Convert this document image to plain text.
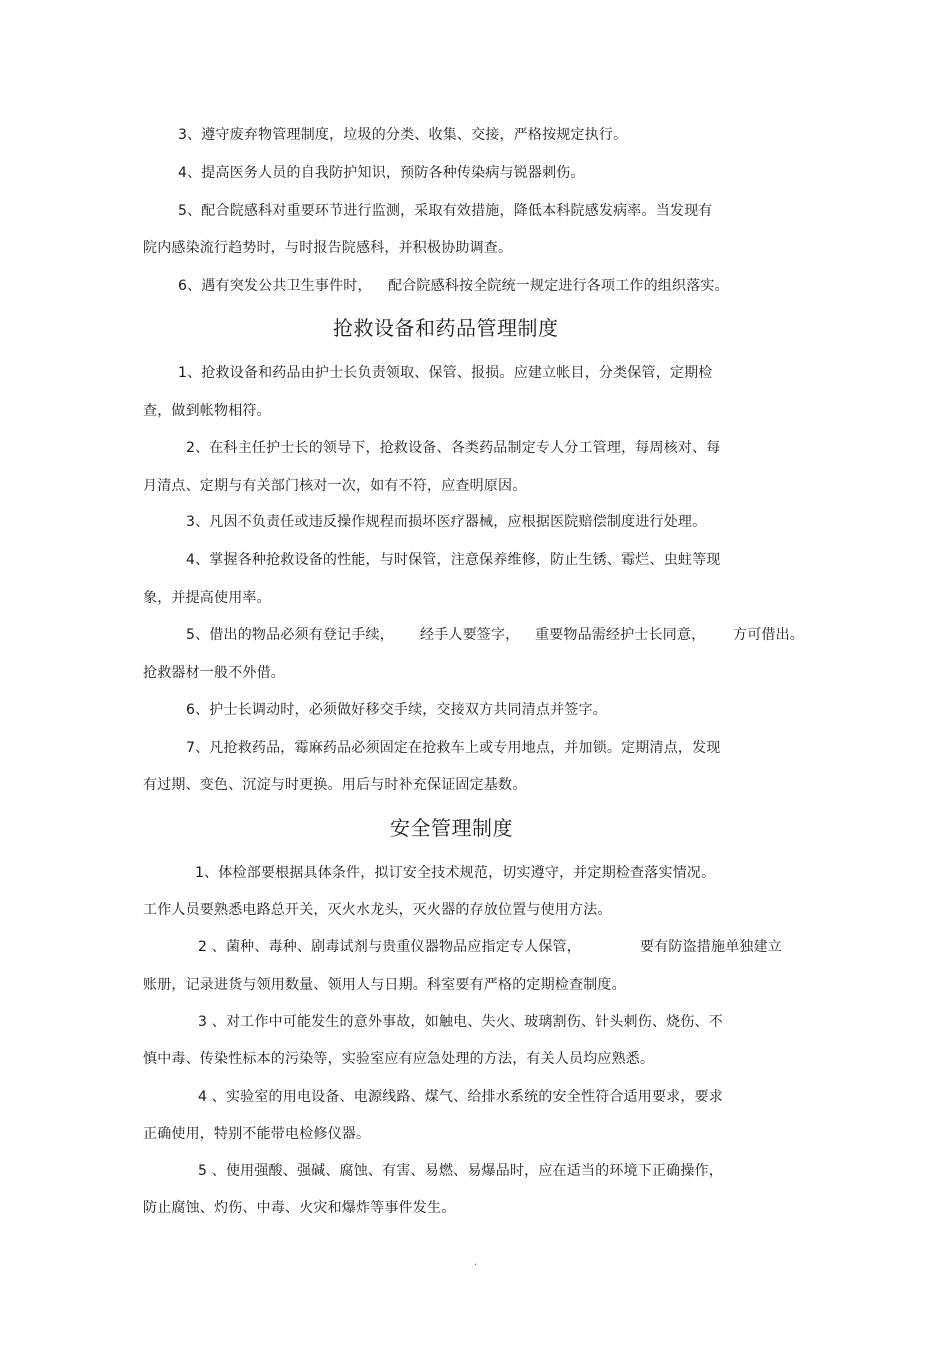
3、遵守废弃物管理制度，垃圾的分类、收集、交接，严格按规定执行。
4、提高医务人员的自我防护知识，预防各种传染病与锐器刺伤。
5、配合院感科对重要环节进行监测，采取有效措施，降低本科院感发病率。当发现有
院内感染流行趋势时，与时报告院感科，并积极协助调查。
6、遇有突发公共卫生事件时， 配合院感科按全院统一规定进行各项工作的组织落实。
抢救设备和药品管理制度
1、抢救设备和药品由护士长负责领取、保管、报损。应建立帐目，分类保管，定期检
查，做到帐物相符。
2、在科主任护士长的领导下，抢救设备、各类药品制定专人分工管理，每周核对、每
月清点、定期与有关部门核对一次，如有不符，应查明原因。
3、凡因不负责任或违反操作规程而损坏医疗器械，应根据医院赔偿制度进行处理。
4、掌握各种抢救设备的性能，与时保管，注意保养维修，防止生锈、霉烂、虫蛀等现
象，并提高使用率。
5、借出的物品必须有登记手续， 经手人要签字， 重要物品需经护士长同意， 方可借出。
抢救器材一般不外借。
6、护士长调动时，必须做好移交手续，交接双方共同清点并签字。
7、凡抢救药品，霉麻药品必须固定在抢救车上或专用地点，并加锁。定期清点，发现
有过期、变色、沉淀与时更换。用后与时补充保证固定基数。
安全管理制度
1、体检部要根据具体条件，拟订安全技术规范，切实遵守，并定期检查落实情况。
工作人员要熟悉电路总开关，灭火水龙头，灭火器的存放位置与使用方法。
2 、菌种、毒种、剧毒试剂与贵重仪器物品应指定专人保管，	要有防盗措施单独建立
账册，记录进货与领用数量、领用人与日期。科室要有严格的定期检查制度。
3 、对工作中可能发生的意外事故，如触电、失火、玻璃割伤、针头刺伤、烧伤、不
慎中毒、传染性标本的污染等，实验室应有应急处理的方法，有关人员均应熟悉。
4 、实验室的用电设备、电源线路、煤气、给排水系统的安全性符合适用要求，要求
正确使用，特别不能带电检修仪器。
5 、使用强酸、强碱、腐蚀、有害、易燃、易爆品时，应在适当的环境下正确操作，
防止腐蚀、灼伤、中毒、火灾和爆炸等事件发生。
.
